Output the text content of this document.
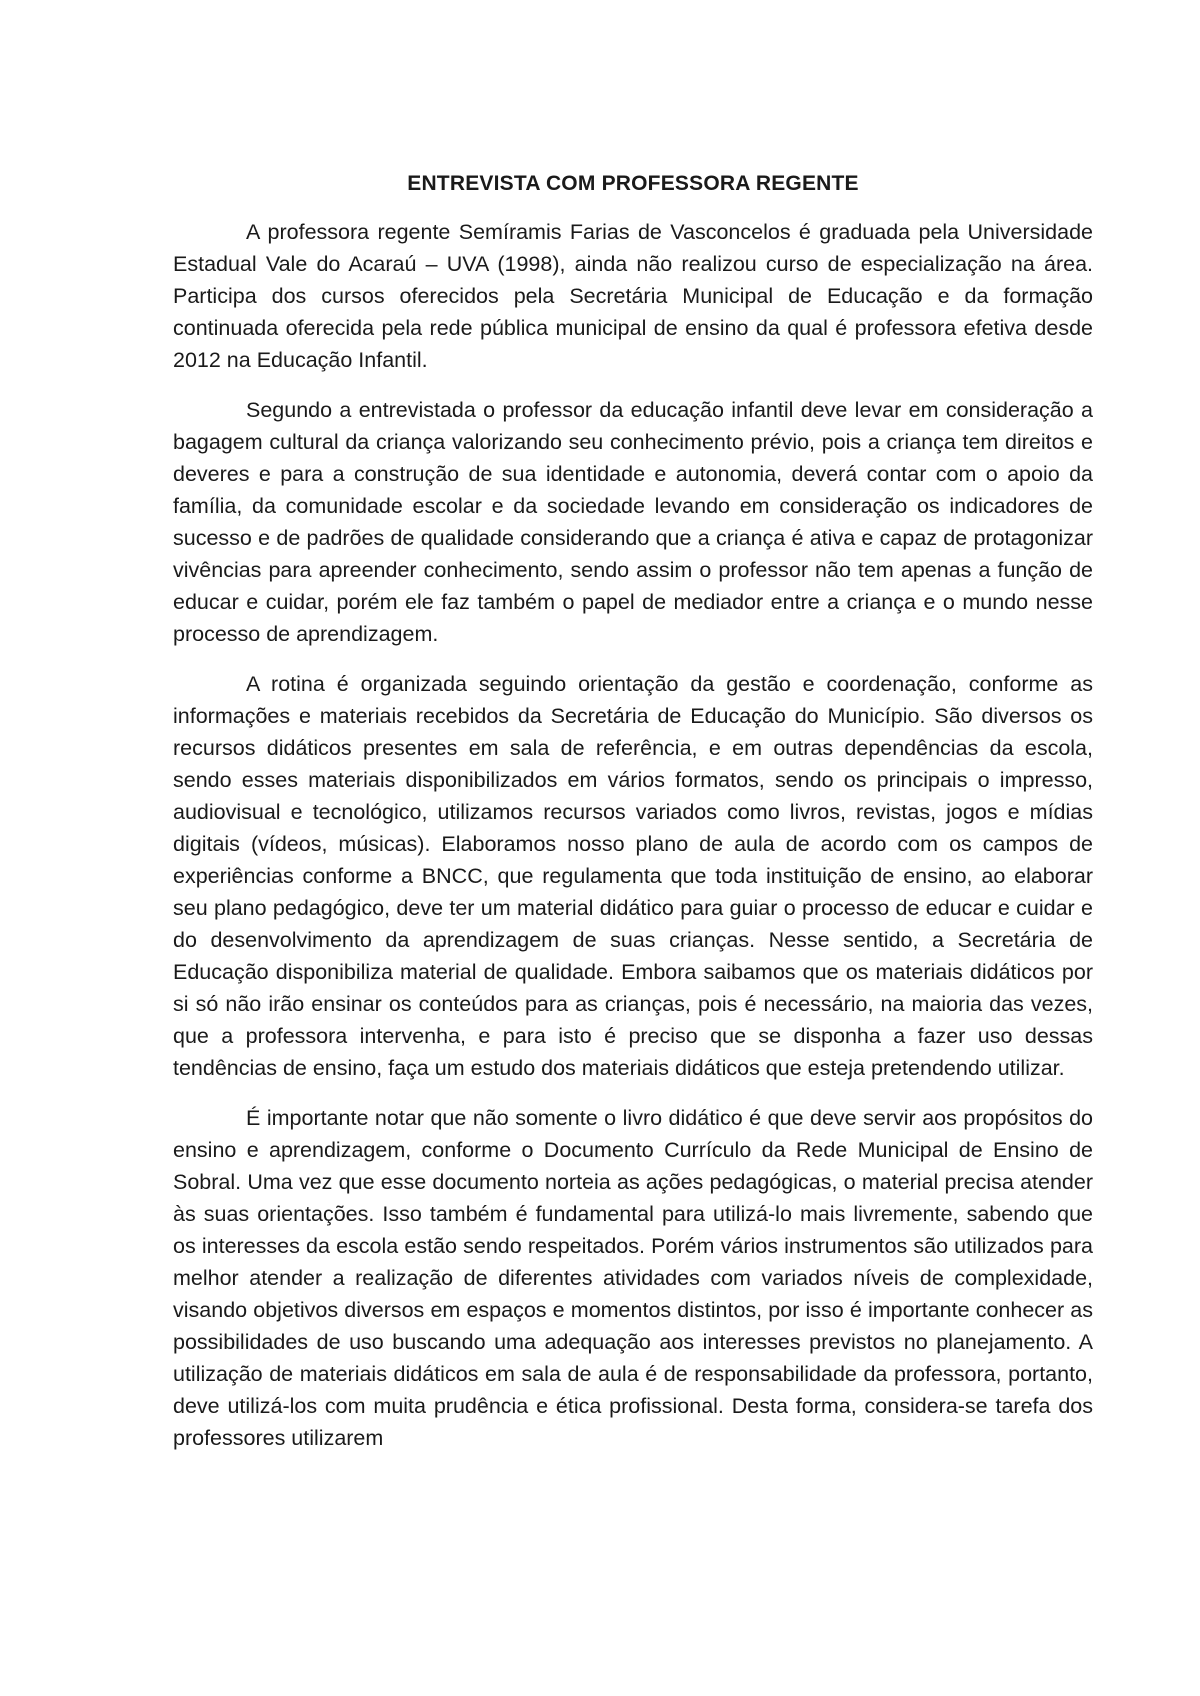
ENTREVISTA COM PROFESSORA REGENTE

A professora regente Semíramis Farias de Vasconcelos é graduada pela Universidade Estadual Vale do Acaraú – UVA (1998), ainda não realizou curso de especialização na área. Participa dos cursos oferecidos pela Secretária Municipal de Educação e da formação continuada oferecida pela rede pública municipal de ensino da qual é professora efetiva desde 2012 na Educação Infantil.

Segundo a entrevistada o professor da educação infantil deve levar em consideração a bagagem cultural da criança valorizando seu conhecimento prévio, pois a criança tem direitos e deveres e para a construção de sua identidade e autonomia, deverá contar com o apoio da família, da comunidade escolar e da sociedade levando em consideração os indicadores de sucesso e de padrões de qualidade considerando que a criança é ativa e capaz de protagonizar vivências para apreender conhecimento, sendo assim o professor não tem apenas a função de educar e cuidar, porém ele faz também o papel de mediador entre a criança e o mundo nesse processo de aprendizagem.

A rotina é organizada seguindo orientação da gestão e coordenação, conforme as informações e materiais recebidos da Secretária de Educação do Município. São diversos os recursos didáticos presentes em sala de referência, e em outras dependências da escola, sendo esses materiais disponibilizados em vários formatos, sendo os principais o impresso, audiovisual e tecnológico, utilizamos recursos variados como livros, revistas, jogos e mídias digitais (vídeos, músicas). Elaboramos nosso plano de aula de acordo com os campos de experiências conforme a BNCC, que regulamenta que toda instituição de ensino, ao elaborar seu plano pedagógico, deve ter um material didático para guiar o processo de educar e cuidar e do desenvolvimento da aprendizagem de suas crianças. Nesse sentido, a Secretária de Educação disponibiliza material de qualidade. Embora saibamos que os materiais didáticos por si só não irão ensinar os conteúdos para as crianças, pois é necessário, na maioria das vezes, que a professora intervenha, e para isto é preciso que se disponha a fazer uso dessas tendências de ensino, faça um estudo dos materiais didáticos que esteja pretendendo utilizar.

É importante notar que não somente o livro didático é que deve servir aos propósitos do ensino e aprendizagem, conforme o Documento Currículo da Rede Municipal de Ensino de Sobral. Uma vez que esse documento norteia as ações pedagógicas, o material precisa atender às suas orientações. Isso também é fundamental para utilizá-lo mais livremente, sabendo que os interesses da escola estão sendo respeitados. Porém vários instrumentos são utilizados para melhor atender a realização de diferentes atividades com variados níveis de complexidade, visando objetivos diversos em espaços e momentos distintos, por isso é importante conhecer as possibilidades de uso buscando uma adequação aos interesses previstos no planejamento. A utilização de materiais didáticos em sala de aula é de responsabilidade da professora, portanto, deve utilizá-los com muita prudência e ética profissional. Desta forma, considera-se tarefa dos professores utilizarem
